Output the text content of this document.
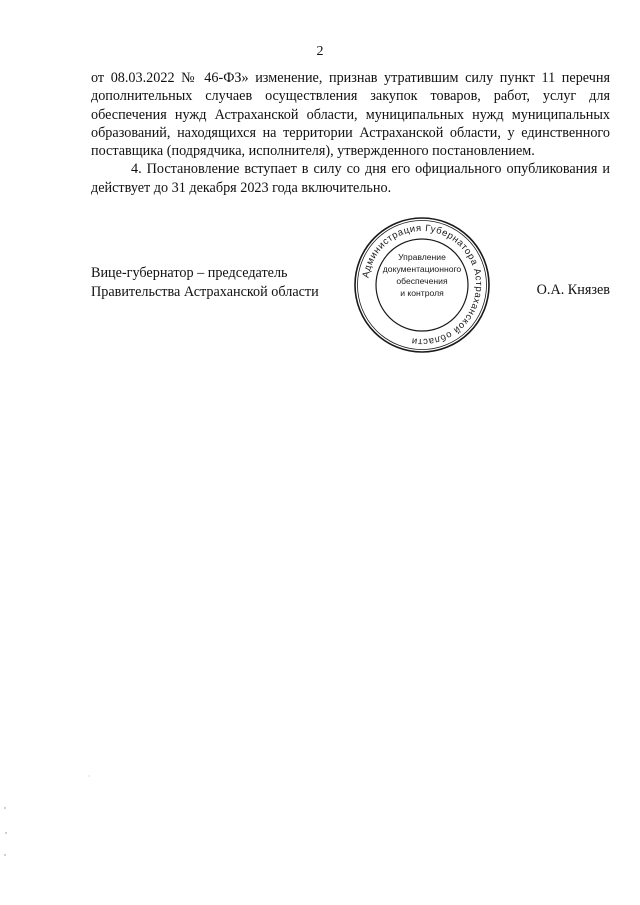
2

от 08.03.2022 № 46-ФЗ» изменение, признав утратившим силу пункт 11 перечня дополнительных случаев осуществления закупок товаров, работ, услуг для обеспечения нужд Астраханской области, муниципальных нужд муниципальных образований, находящихся на территории Астраханской области, у единственного поставщика (подрядчика, исполнителя), утвержденного постановлением.

4. Постановление вступает в силу со дня его официального опубликования и действует до 31 декабря 2023 года включительно.

Вице-губернатор – председатель
Правительства Астраханской области
Администрация Губернатора Астраханской области
Управление
документационного
обеспечения
и контроля	О.А. Князев
